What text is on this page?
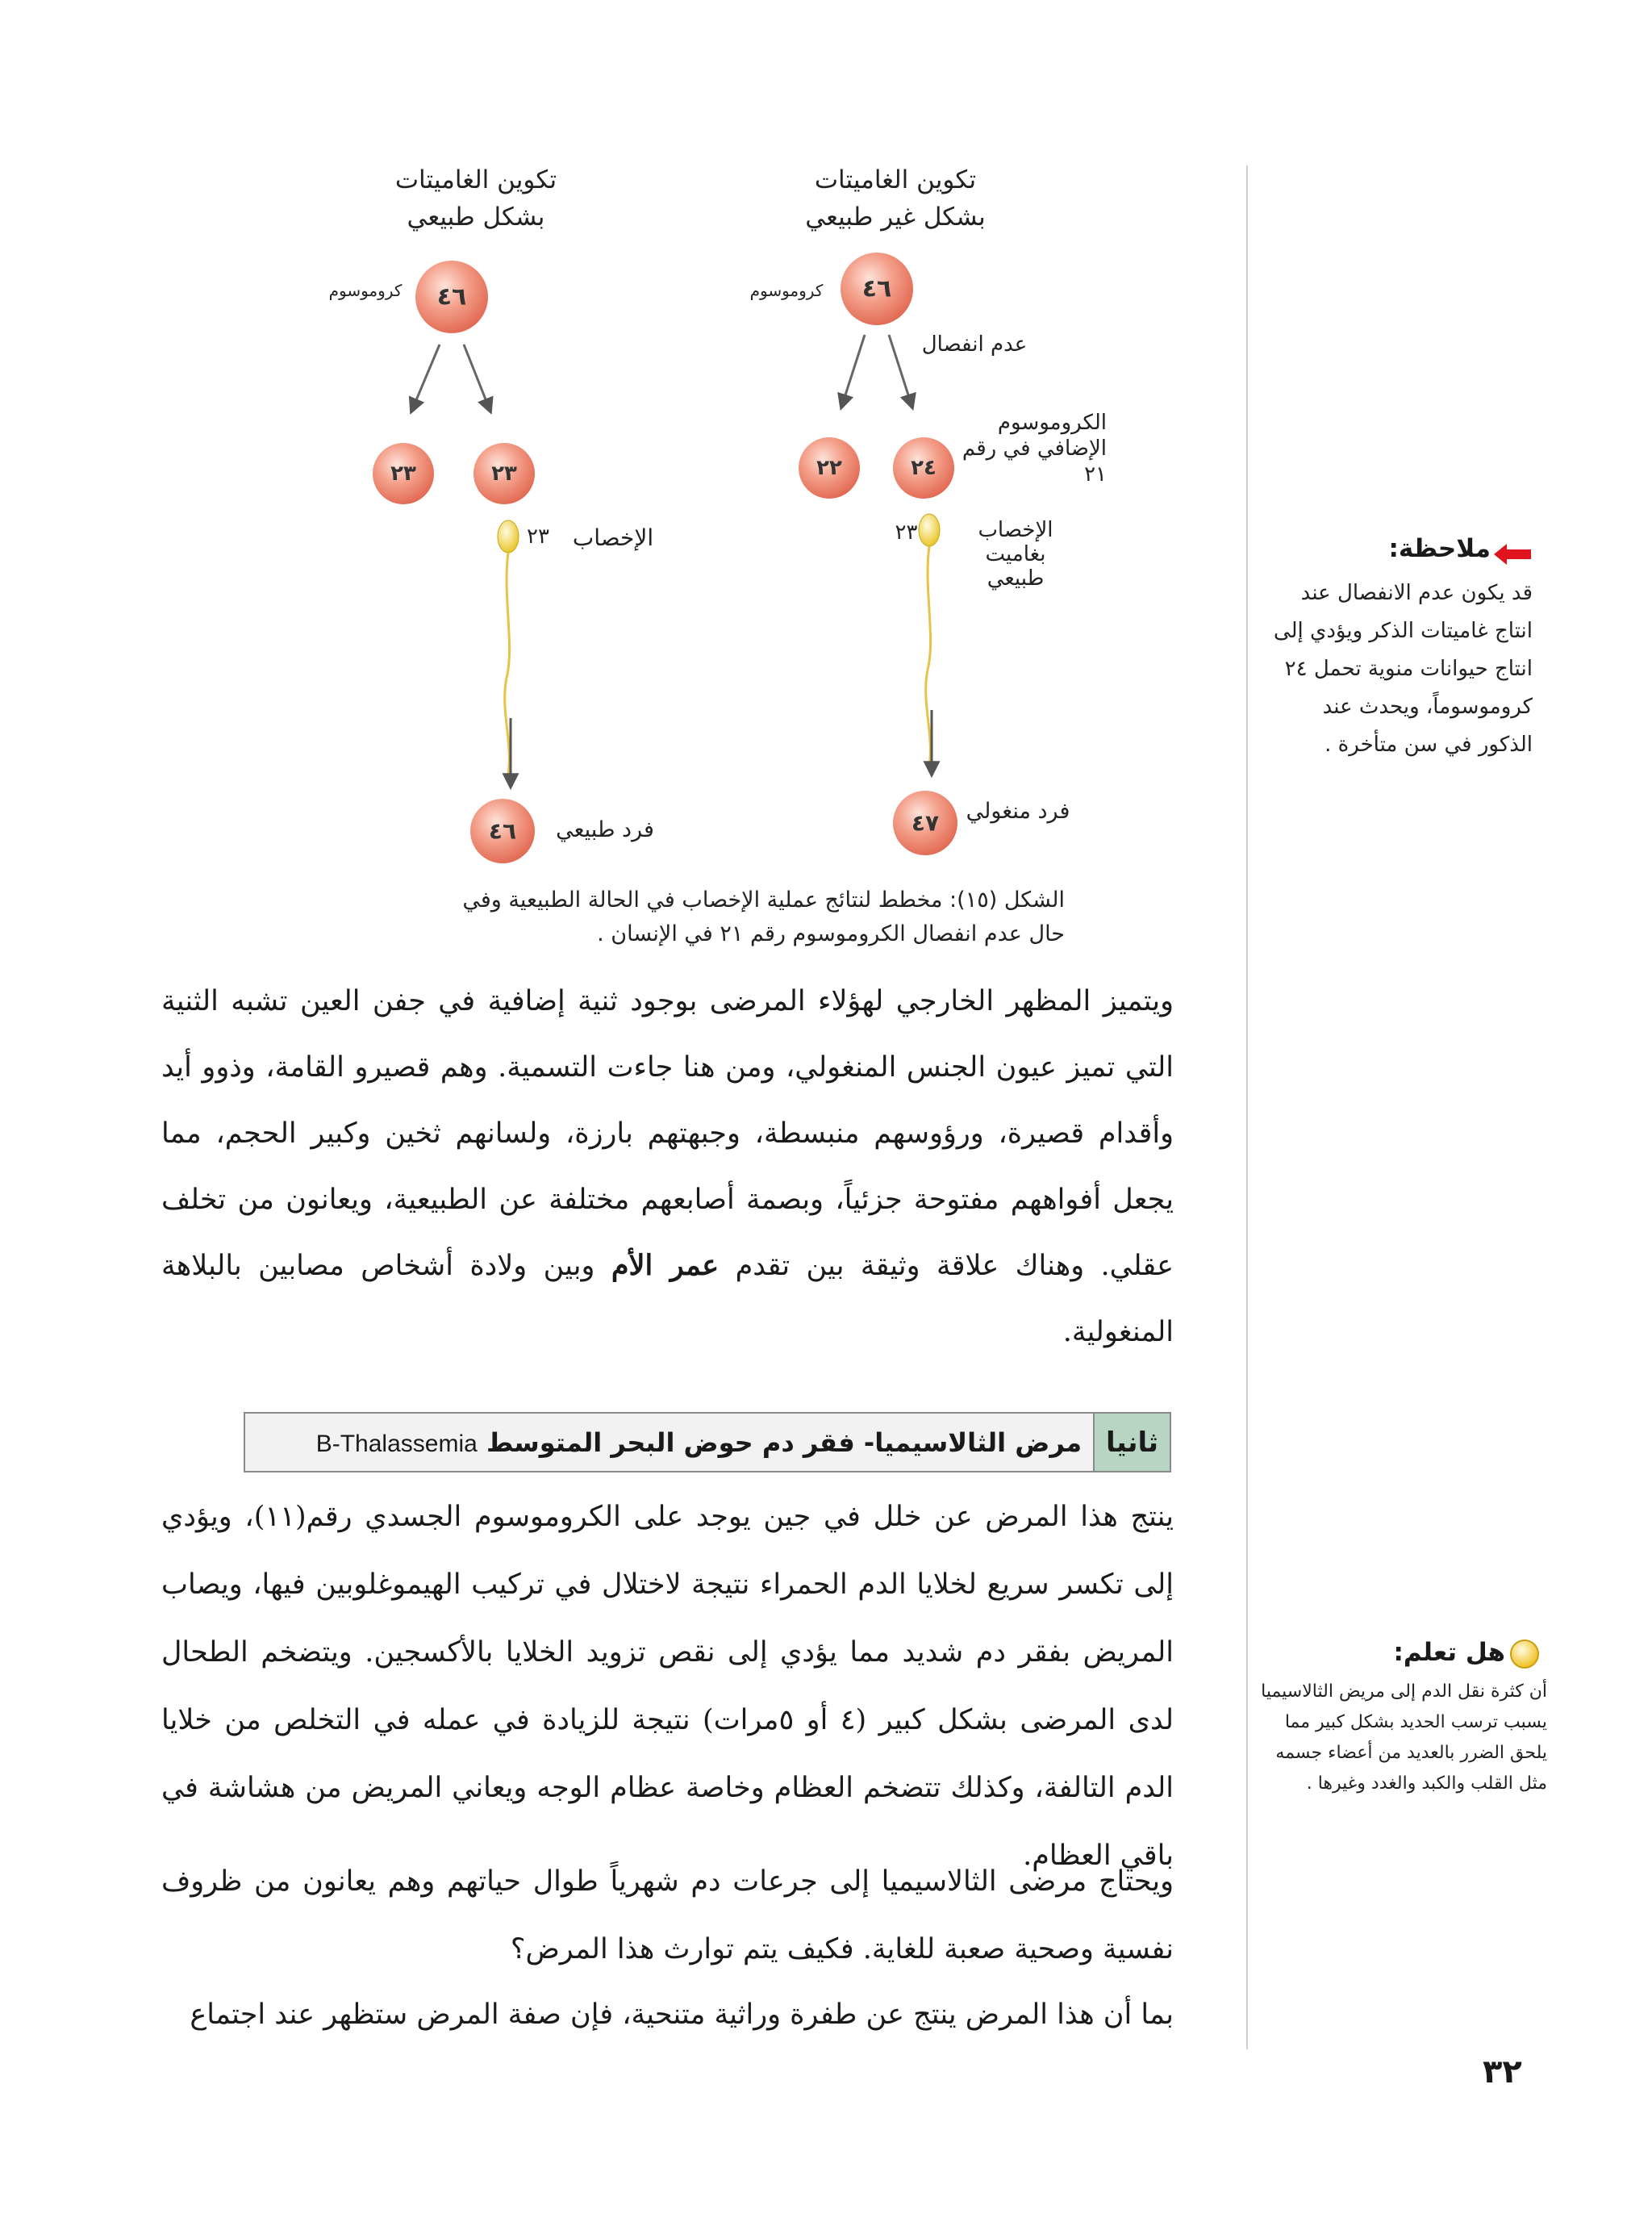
٤٦
٢٢	٢٤
٤٧
٤٦
٢٣	٢٣
٤٦
تكوين الغاميتات
بشكل غير طبيعي
تكوين الغاميتات
بشكل طبيعي
كروموسوم
كروموسوم
عدم انفصال
الكروموسوم
الإضافي في رقم
٢١
٢٣	الإخصاب
بغاميت
طبيعي
٢٣	الإخصاب
فرد منغولي
فرد طبيعي
الشكل (١٥): مخطط لنتائج عملية الإخصاب في الحالة الطبيعية وفي حال عدم انفصال الكروموسوم رقم ٢١ في الإنسان .
ويتميز المظهر الخارجي لهؤلاء المرضى بوجود ثنية إضافية في جفن العين تشبه الثنية التي تميز عيون الجنس المنغولي، ومن هنا جاءت التسمية. وهم قصيرو القامة، وذوو أيد وأقدام قصيرة، ورؤوسهم منبسطة، وجبهتهم بارزة، ولسانهم ثخين وكبير الحجم، مما يجعل أفواههم مفتوحة جزئياً، وبصمة أصابعهم مختلفة عن الطبيعية، ويعانون من تخلف عقلي. وهناك علاقة وثيقة بين تقدم عمر الأم وبين ولادة أشخاص مصابين بالبلاهة المنغولية.
ثانيا
مرض الثالاسيميا- فقر دم حوض البحر المتوسط B-Thalassemia
ينتج هذا المرض عن خلل في جين يوجد على الكروموسوم الجسدي رقم(١١)، ويؤدي إلى تكسر سريع لخلايا الدم الحمراء نتيجة لاختلال في تركيب الهيموغلوبين فيها، ويصاب المريض بفقر دم شديد مما يؤدي إلى نقص تزويد الخلايا بالأكسجين. ويتضخم الطحال لدى المرضى بشكل كبير (٤ أو ٥مرات) نتيجة للزيادة في عمله في التخلص من خلايا الدم التالفة، وكذلك تتضخم العظام وخاصة عظام الوجه ويعاني المريض من هشاشة في باقي العظام.
ويحتاج مرضى الثالاسيميا إلى جرعات دم شهرياً طوال حياتهم وهم يعانون من ظروف نفسية وصحية صعبة للغاية. فكيف يتم توارث هذا المرض؟
بما أن هذا المرض ينتج عن طفرة وراثية متنحية، فإن صفة المرض ستظهر عند اجتماع
ملاحظة:
قد يكون عدم الانفصال عند انتاج غاميتات الذكر ويؤدي إلى انتاج حيوانات منوية تحمل ٢٤ كروموسوماً، ويحدث عند الذكور في سن متأخرة .
هل تعلم:
أن كثرة نقل الدم إلى مريض الثالاسيميا يسبب ترسب الحديد بشكل كبير مما يلحق الضرر بالعديد من أعضاء جسمه مثل القلب والكبد والغدد وغيرها .
٣٢
